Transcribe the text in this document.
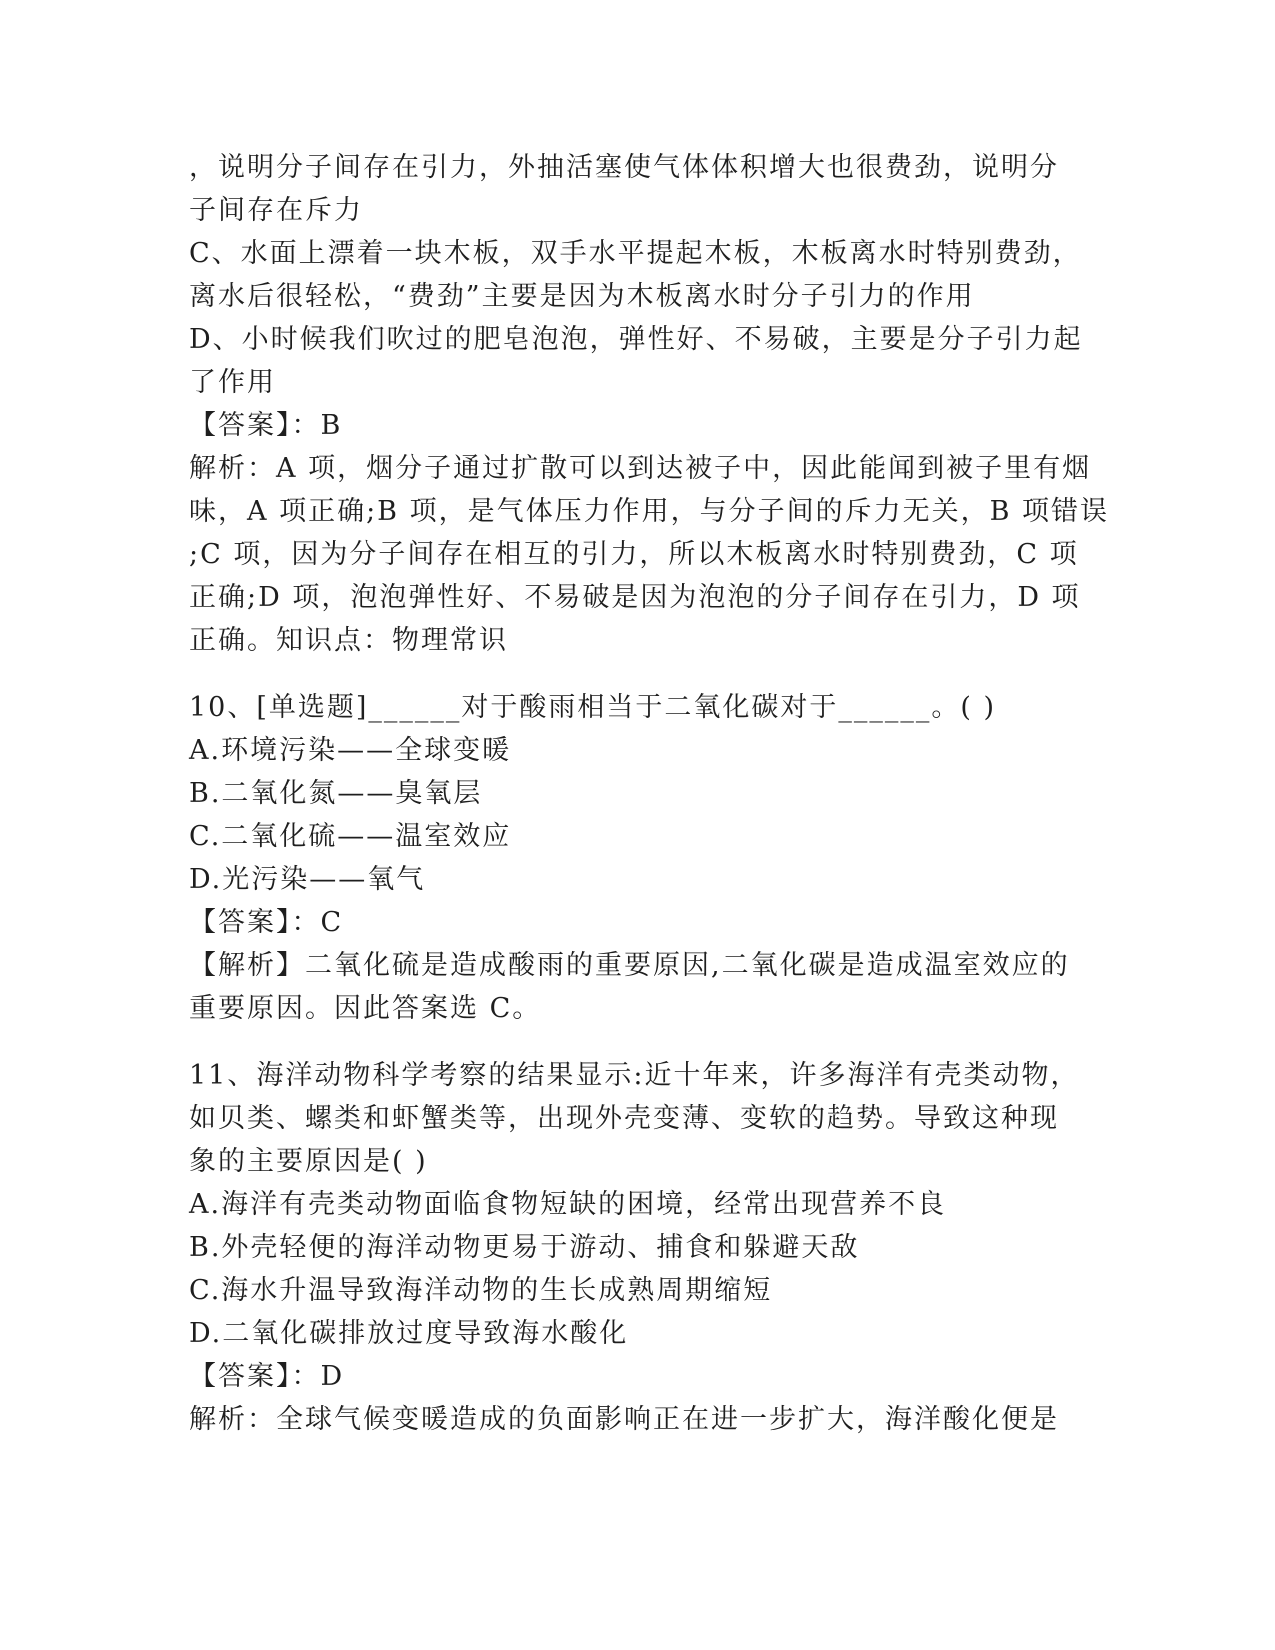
，说明分子间存在引力，外抽活塞使气体体积增大也很费劲，说明分
子间存在斥力
C、水面上漂着一块木板，双手水平提起木板，木板离水时特别费劲，
离水后很轻松，“费劲”主要是因为木板离水时分子引力的作用
D、小时候我们吹过的肥皂泡泡，弹性好、不易破，主要是分子引力起
了作用
【答案】：B
解析：A 项，烟分子通过扩散可以到达被子中，因此能闻到被子里有烟
味，A 项正确;B 项，是气体压力作用，与分子间的斥力无关，B 项错误
;C 项，因为分子间存在相互的引力，所以木板离水时特别费劲，C 项
正确;D 项，泡泡弹性好、不易破是因为泡泡的分子间存在引力，D 项
正确。知识点：物理常识
10、[单选题]______对于酸雨相当于二氧化碳对于______。( )
A.环境污染——全球变暖
B.二氧化氮——臭氧层
C.二氧化硫——温室效应
D.光污染——氧气
【答案】：C
【解析】二氧化硫是造成酸雨的重要原因,二氧化碳是造成温室效应的
重要原因。因此答案选 C。
11、海洋动物科学考察的结果显示:近十年来，许多海洋有壳类动物，
如贝类、螺类和虾蟹类等，出现外壳变薄、变软的趋势。导致这种现
象的主要原因是( )
A.海洋有壳类动物面临食物短缺的困境，经常出现营养不良
B.外壳轻便的海洋动物更易于游动、捕食和躲避天敌
C.海水升温导致海洋动物的生长成熟周期缩短
D.二氧化碳排放过度导致海水酸化
【答案】：D
解析：全球气候变暖造成的负面影响正在进一步扩大，海洋酸化便是
